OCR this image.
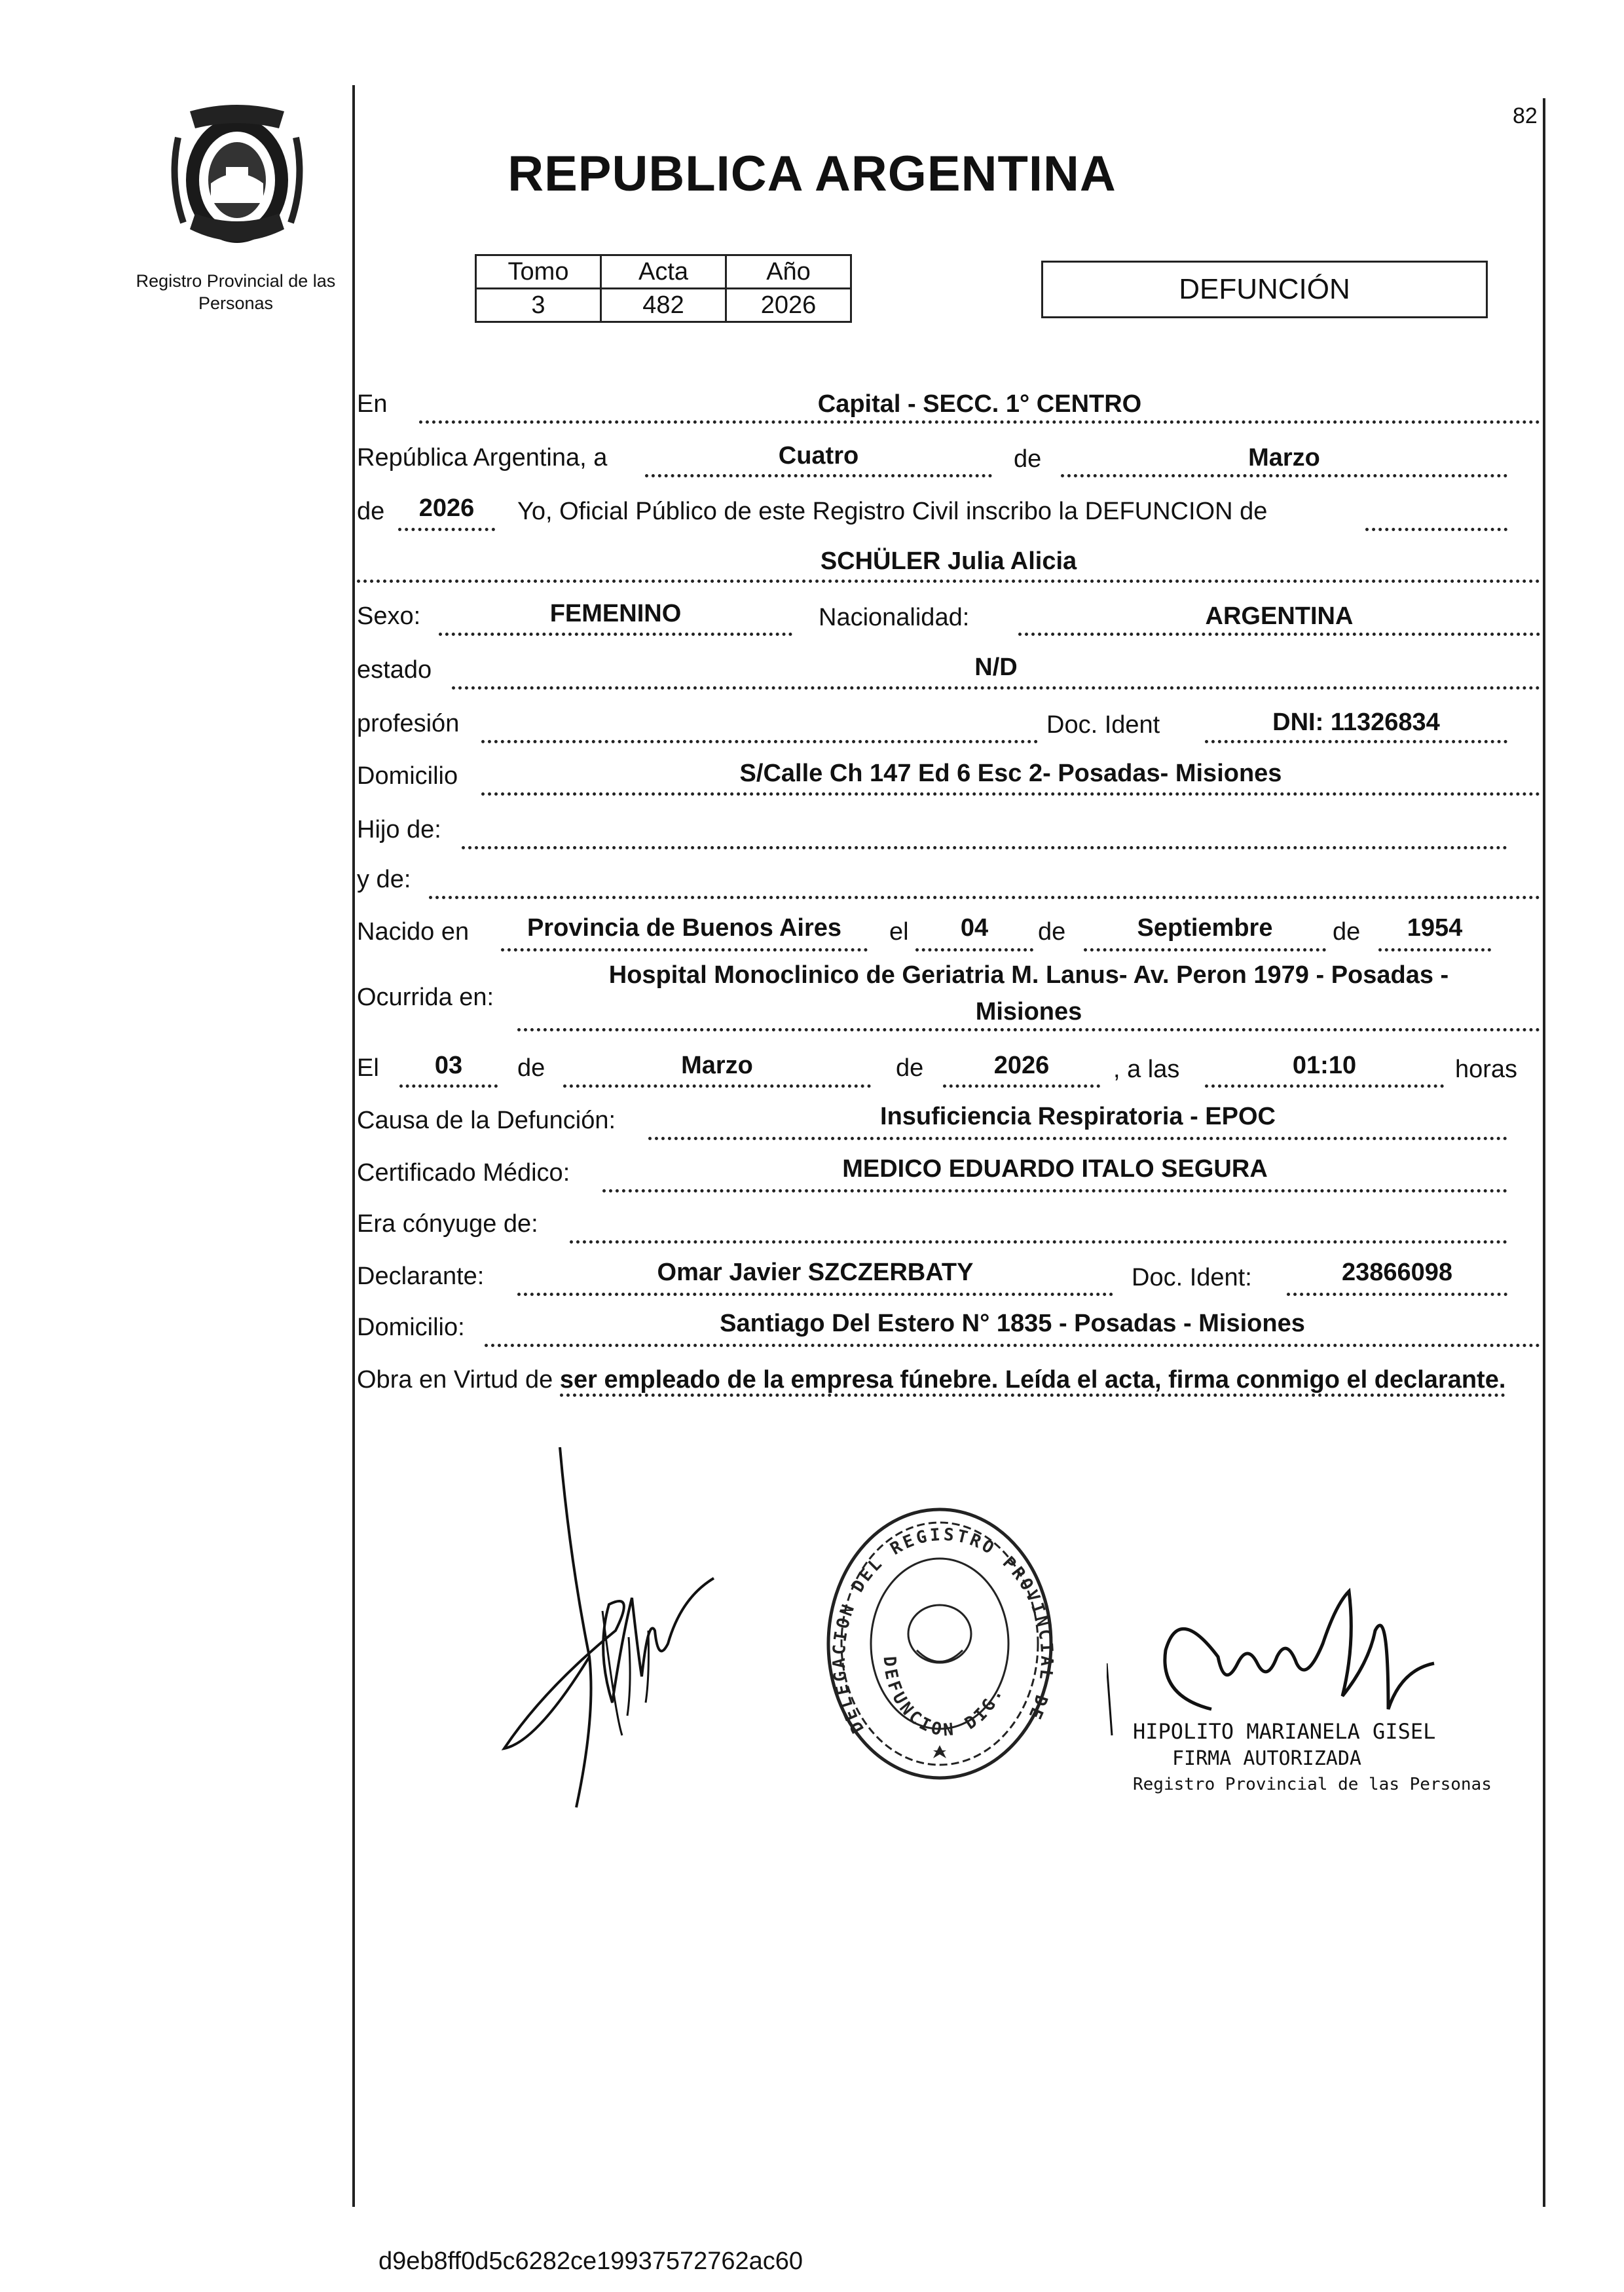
82
Registro Provincial de las Personas
REPUBLICA ARGENTINA
Tomo	Acta	Año
3	482	2026	DEFUNCIÓN
En	Capital - SECC. 1° CENTRO
República Argentina, a	Cuatro	de	Marzo
de	2026	Yo, Oficial Público de este Registro Civil inscribo la DEFUNCION de
SCHÜLER Julia Alicia
Sexo:	FEMENINO	Nacionalidad:	ARGENTINA
estado	N/D
profesión	Doc. Ident	DNI: 11326834
Domicilio	S/Calle Ch 147 Ed 6 Esc 2- Posadas- Misiones
Hijo de:
y de:
Nacido en	Provincia de Buenos Aires	el	04	de	Septiembre	de	1954
Ocurrida en:
Hospital Monoclinico de Geriatria M. Lanus- Av. Peron 1979 - Posadas -
Misiones
El	03	de	Marzo	de	2026	, a las	01:10	horas
Causa de la Defunción:	Insuficiencia Respiratoria - EPOC
Certificado Médico:	MEDICO EDUARDO ITALO SEGURA
Era cónyuge de:
Declarante:	Omar Javier SZCZERBATY	Doc. Ident:	23866098
Domicilio:	Santiago Del Estero N° 1835 - Posadas - Misiones
Obra en Virtud de ser empleado de la empresa fúnebre. Leída el acta, firma conmigo el declarante.
DELEGACION DEL REGISTRO PROVINCIAL DE
DEFUNCION DIG.
HIPOLITO MARIANELA GISEL
FIRMA AUTORIZADA
Registro Provincial de las Personas
d9eb8ff0d5c6282ce19937572762ac60
